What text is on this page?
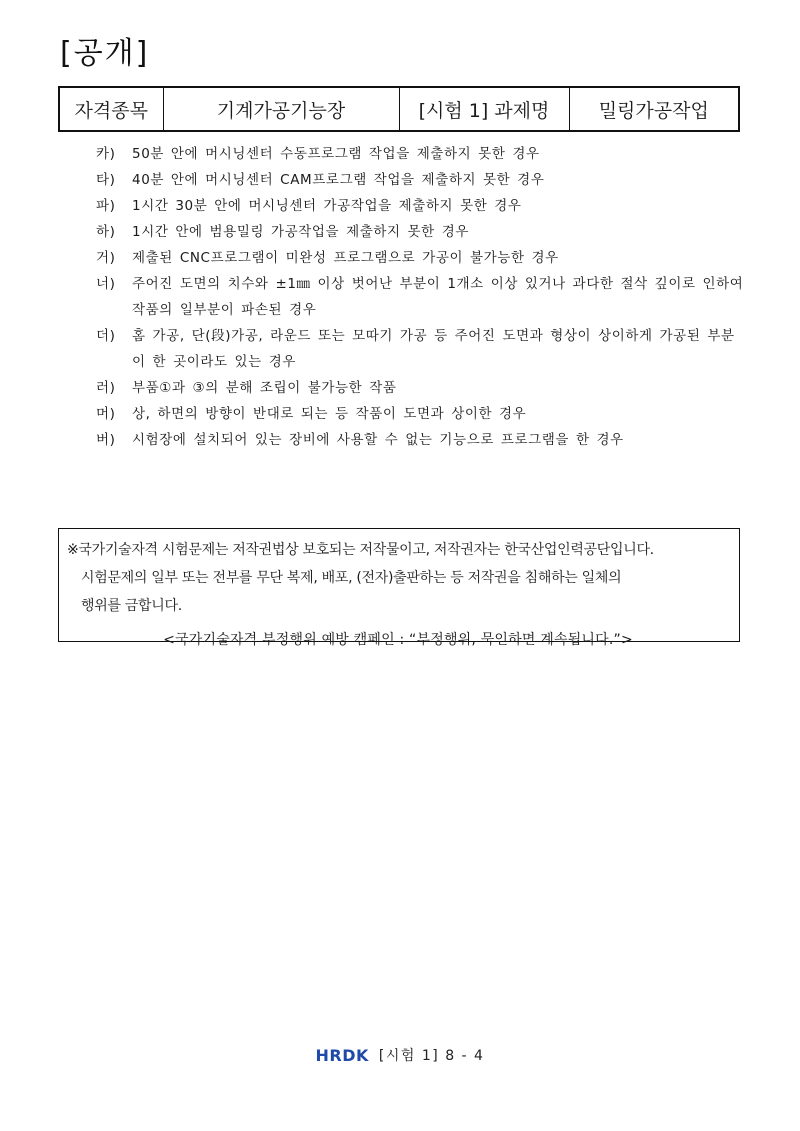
[공개]
자격종목	기계가공기능장	[시험 1] 과제명	밀링가공작업
카)	50분 안에 머시닝센터 수동프로그램 작업을 제출하지 못한 경우
타)	40분 안에 머시닝센터 CAM프로그램 작업을 제출하지 못한 경우
파)	1시간 30분 안에 머시닝센터 가공작업을 제출하지 못한 경우
하)	1시간 안에 범용밀링 가공작업을 제출하지 못한 경우
거)	제출된 CNC프로그램이 미완성 프로그램으로 가공이 불가능한 경우
너)	주어진 도면의 치수와 ±1㎜ 이상 벗어난 부분이 1개소 이상 있거나 과다한 절삭 깊이로 인하여 작품의 일부분이 파손된 경우
더)	홈 가공, 단(段)가공, 라운드 또는 모따기 가공 등 주어진 도면과 형상이 상이하게 가공된 부분이 한 곳이라도 있는 경우
러)	부품①과 ③의 분해 조립이 불가능한 작품
머)	상, 하면의 방향이 반대로 되는 등 작품이 도면과 상이한 경우
버)	시험장에 설치되어 있는 장비에 사용할 수 없는 기능으로 프로그램을 한 경우

※국가기술자격 시험문제는 저작권법상 보호되는 저작물이고, 저작권자는 한국산업인력공단입니다.

시험문제의 일부 또는 전부를 무단 복제, 배포, (전자)출판하는 등 저작권을 침해하는 일체의

행위를 금합니다.

<국가기술자격 부정행위 예방 캠페인 : “부정행위, 묵인하면 계속됩니다.”>

HRDK [시험 1] 8 - 4
